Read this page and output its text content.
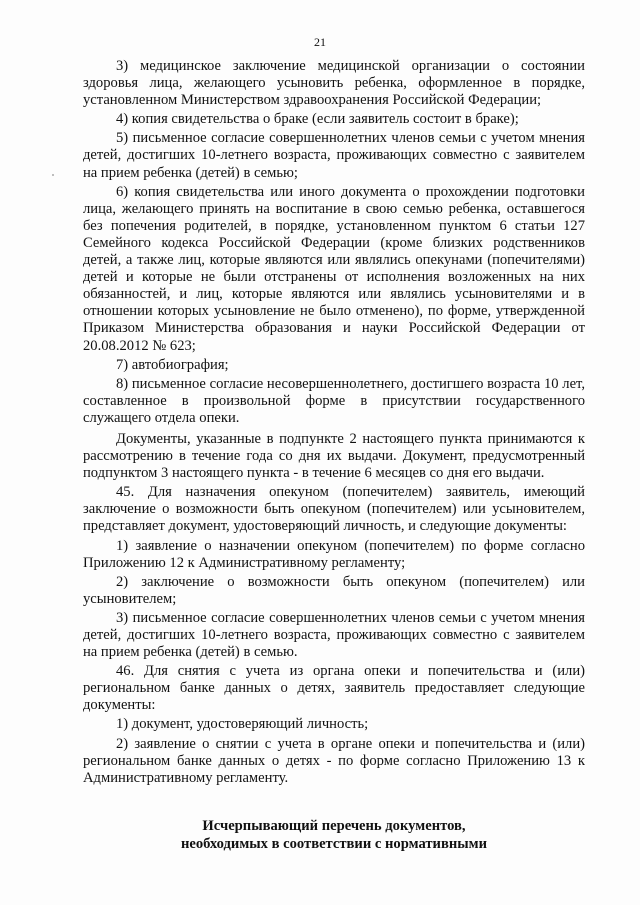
21

3) медицинское заключение медицинской организации о состоянии здоровья лица, желающего усыновить ребенка, оформленное в порядке, установленном Министерством здравоохранения Российской Федерации;

4) копия свидетельства о браке (если заявитель состоит в браке);

5) письменное согласие совершеннолетних членов семьи с учетом мнения детей, достигших 10-летнего возраста, проживающих совместно с заявителем на прием ребенка (детей) в семью;

6) копия свидетельства или иного документа о прохождении подготовки лица, желающего принять на воспитание в свою семью ребенка, оставшегося без попечения родителей, в порядке, установленном пунктом 6 статьи 127 Семейного кодекса Российской Федерации (кроме близких родственников детей, а также лиц, которые являются или являлись опекунами (попечителями) детей и которые не были отстранены от исполнения возложенных на них обязанностей, и лиц, которые являются или являлись усыновителями и в отношении которых усыновление не было отменено), по форме, утвержденной Приказом Министерства образования и науки Российской Федерации от 20.08.2012 № 623;

7) автобиография;

8) письменное согласие несовершеннолетнего, достигшего возраста 10 лет, составленное в произвольной форме в присутствии государственного служащего отдела опеки.

Документы, указанные в подпункте 2 настоящего пункта принимаются к рассмотрению в течение года со дня их выдачи. Документ, предусмотренный подпунктом 3 настоящего пункта - в течение 6 месяцев со дня его выдачи.

45. Для назначения опекуном (попечителем) заявитель, имеющий заключение о возможности быть опекуном (попечителем) или усыновителем, представляет документ, удостоверяющий личность, и следующие документы:

1) заявление о назначении опекуном (попечителем) по форме согласно Приложению 12 к Административному регламенту;

2) заключение о возможности быть опекуном (попечителем) или усыновителем;

3) письменное согласие совершеннолетних членов семьи с учетом мнения детей, достигших 10-летнего возраста, проживающих совместно с заявителем на прием ребенка (детей) в семью.

46. Для снятия с учета из органа опеки и попечительства и (или) региональном банке данных о детях, заявитель предоставляет следующие документы:

1) документ, удостоверяющий личность;

2) заявление о снятии с учета в органе опеки и попечительства и (или) региональном банке данных о детях - по форме согласно Приложению 13 к Административному регламенту.

Исчерпывающий перечень документов,
необходимых в соответствии с нормативными
